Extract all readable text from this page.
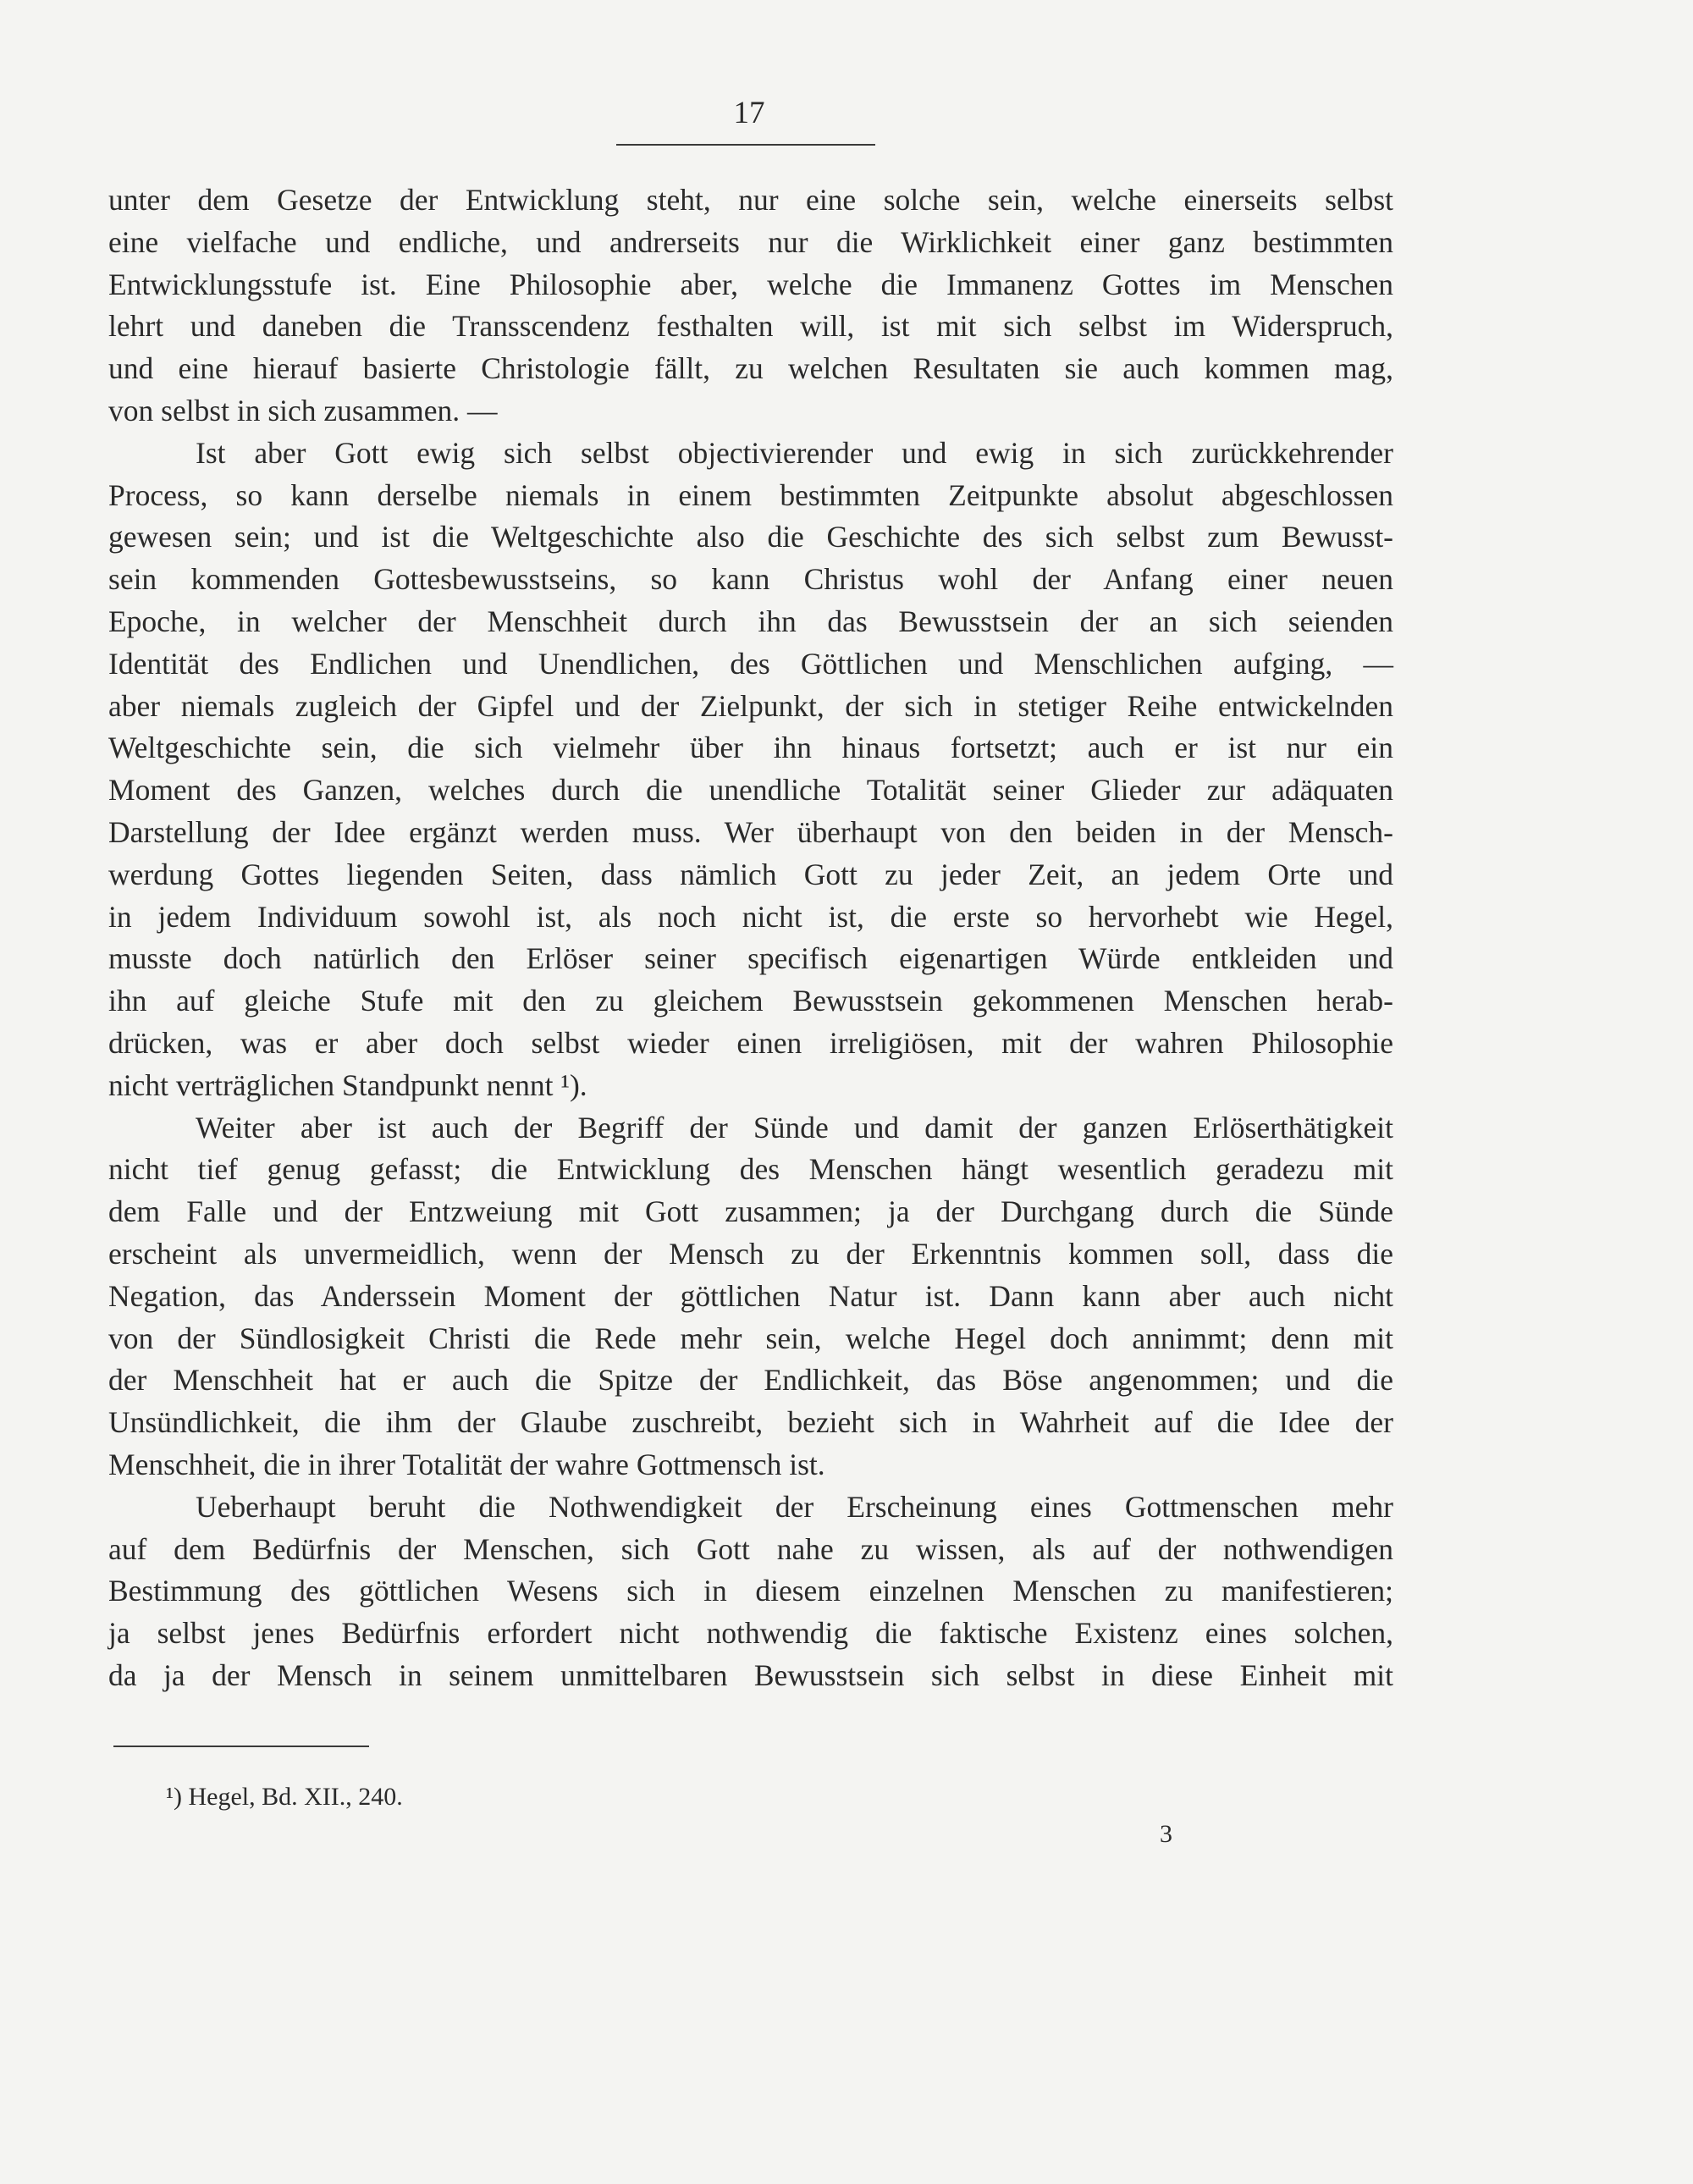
17

unter dem Gesetze der Entwicklung steht, nur eine solche sein, welche einerseits selbst
eine vielfache und endliche, und andrerseits nur die Wirklichkeit einer ganz bestimmten
Entwicklungsstufe ist. Eine Philosophie aber, welche die Immanenz Gottes im Menschen
lehrt und daneben die Transscendenz festhalten will, ist mit sich selbst im Widerspruch,
und eine hierauf basierte Christologie fällt, zu welchen Resultaten sie auch kommen mag,
von selbst in sich zusammen. —

Ist aber Gott ewig sich selbst objectivierender und ewig in sich zurückkehrender
Process, so kann derselbe niemals in einem bestimmten Zeitpunkte absolut abgeschlossen
gewesen sein; und ist die Weltgeschichte also die Geschichte des sich selbst zum Bewusst-
sein kommenden Gottesbewusstseins, so kann Christus wohl der Anfang einer neuen
Epoche, in welcher der Menschheit durch ihn das Bewusstsein der an sich seienden
Identität des Endlichen und Unendlichen, des Göttlichen und Menschlichen aufging, —
aber niemals zugleich der Gipfel und der Zielpunkt, der sich in stetiger Reihe entwickelnden
Weltgeschichte sein, die sich vielmehr über ihn hinaus fortsetzt; auch er ist nur ein
Moment des Ganzen, welches durch die unendliche Totalität seiner Glieder zur adäquaten
Darstellung der Idee ergänzt werden muss. Wer überhaupt von den beiden in der Mensch-
werdung Gottes liegenden Seiten, dass nämlich Gott zu jeder Zeit, an jedem Orte und
in jedem Individuum sowohl ist, als noch nicht ist, die erste so hervorhebt wie Hegel,
musste doch natürlich den Erlöser seiner specifisch eigenartigen Würde entkleiden und
ihn auf gleiche Stufe mit den zu gleichem Bewusstsein gekommenen Menschen herab-
drücken, was er aber doch selbst wieder einen irreligiösen, mit der wahren Philosophie
nicht verträglichen Standpunkt nennt ¹).

Weiter aber ist auch der Begriff der Sünde und damit der ganzen Erlöserthätigkeit
nicht tief genug gefasst; die Entwicklung des Menschen hängt wesentlich geradezu mit
dem Falle und der Entzweiung mit Gott zusammen; ja der Durchgang durch die Sünde
erscheint als unvermeidlich, wenn der Mensch zu der Erkenntnis kommen soll, dass die
Negation, das Anderssein Moment der göttlichen Natur ist. Dann kann aber auch nicht
von der Sündlosigkeit Christi die Rede mehr sein, welche Hegel doch annimmt; denn mit
der Menschheit hat er auch die Spitze der Endlichkeit, das Böse angenommen; und die
Unsündlichkeit, die ihm der Glaube zuschreibt, bezieht sich in Wahrheit auf die Idee der
Menschheit, die in ihrer Totalität der wahre Gottmensch ist.

Ueberhaupt beruht die Nothwendigkeit der Erscheinung eines Gottmenschen mehr
auf dem Bedürfnis der Menschen, sich Gott nahe zu wissen, als auf der nothwendigen
Bestimmung des göttlichen Wesens sich in diesem einzelnen Menschen zu manifestieren;
ja selbst jenes Bedürfnis erfordert nicht nothwendig die faktische Existenz eines solchen,
da ja der Mensch in seinem unmittelbaren Bewusstsein sich selbst in diese Einheit mit

¹) Hegel, Bd. XII., 240.
3
